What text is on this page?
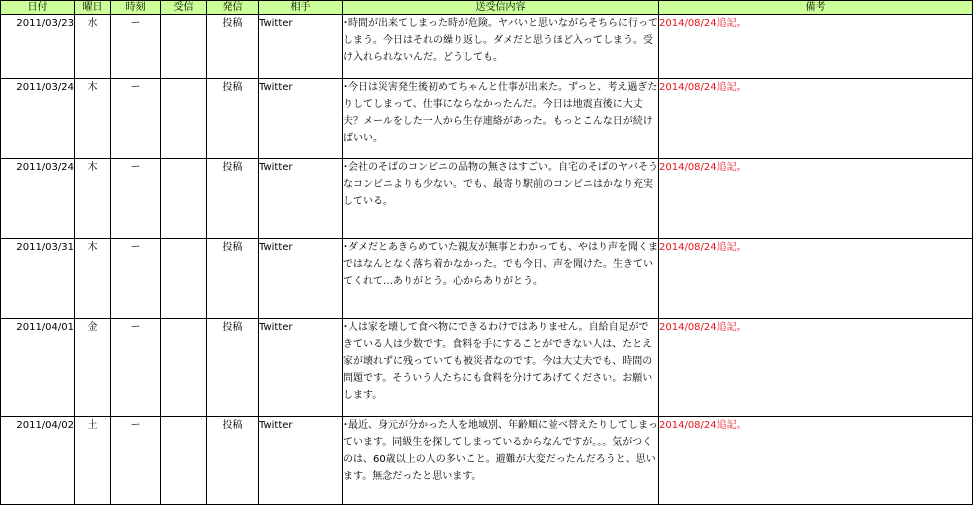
日付	曜日	時刻	受信	発信	相手	送受信内容	備考
2011/03/23	水	ー		投稿	Twitter	･時間が出来てしまった時が危険。ヤバいと思いながらそちらに行ってしまう。今日はそれの繰り返し。ダメだと思うほど入ってしまう。受け入れられないんだ。どうしても。	2014/08/24追記。
2011/03/24	木	ー		投稿	Twitter	･今日は災害発生後初めてちゃんと仕事が出来た。ずっと、考え過ぎたりしてしまって、仕事にならなかったんだ。今日は地震直後に大丈夫？メールをした一人から生存連絡があった。もっとこんな日が続けばいい。	2014/08/24追記。
2011/03/24	木	ー		投稿	Twitter	･会社のそばのコンビニの品物の無さはすごい。自宅のそばのヤバそうなコンビニよりも少ない。でも、最寄り駅前のコンビニはかなり充実している。	2014/08/24追記。
2011/03/31	木	ー		投稿	Twitter	･ダメだとあきらめていた親友が無事とわかっても、やはり声を聞くまではなんとなく落ち着かなかった。でも今日、声を聞けた。生きていてくれて…ありがとう。心からありがとう。	2014/08/24追記。
2011/04/01	金	ー		投稿	Twitter	･人は家を壊して食べ物にできるわけではありません。自給自足ができている人は少数です。食料を手にすることができない人は、たとえ家が壊れずに残っていても被災者なのです。今は大丈夫でも、時間の問題です。そういう人たちにも食料を分けてあげてください。お願いします。	2014/08/24追記。
2011/04/02	土	ー		投稿	Twitter	･最近、身元が分かった人を地域別、年齢順に並べ替えたりしてしまっています。同級生を探してしまっているからなんですが。。。気がつくのは、60歳以上の人の多いこと。避難が大変だったんだろうと、思います。無念だったと思います。	2014/08/24追記。
